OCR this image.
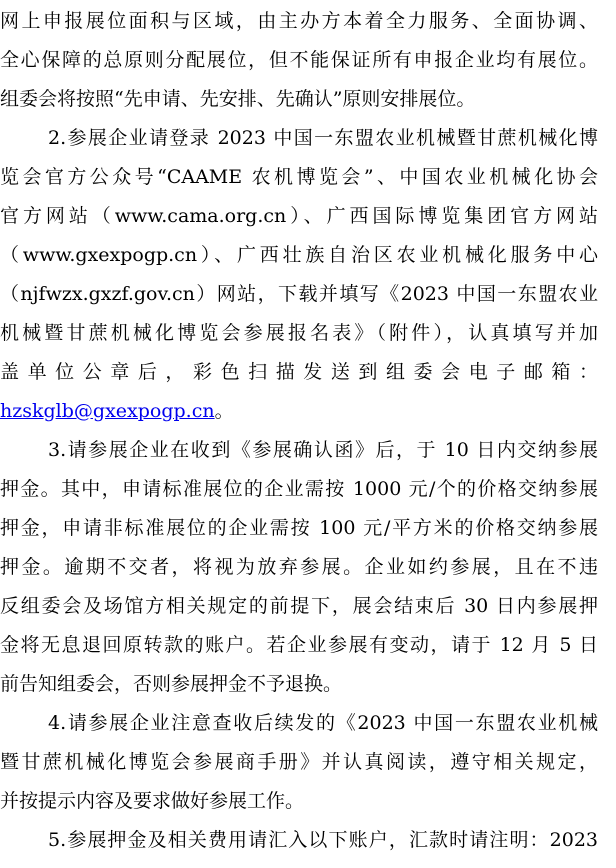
网上申报展位面积与区域，由主办方本着全力服务、全面协调、
全心保障的总原则分配展位，但不能保证所有申报企业均有展位。
组委会将按照“先申请、先安排、先确认”原则安排展位。
2.参展企业请登录 2023 中国一东盟农业机械暨甘蔗机械化博
览会官方公众号“CAAME 农机博览会”、中国农业机械化协会
官方网站（www.cama.org.cn）、广西国际博览集团官方网站
（www.gxexpogp.cn）、广西壮族自治区农业机械化服务中心
（njfwzx.gxzf.gov.cn）网站，下载并填写《2023 中国一东盟农业
机械暨甘蔗机械化博览会参展报名表》（附件），认真填写并加
盖单位公章后，彩色扫描发送到组委会电子邮箱：
hzskglb@gxexpogp.cn。
3.请参展企业在收到《参展确认函》后，于 10 日内交纳参展
押金。其中，申请标准展位的企业需按 1000 元/个的价格交纳参展
押金，申请非标准展位的企业需按 100 元/平方米的价格交纳参展
押金。逾期不交者，将视为放弃参展。企业如约参展，且在不违
反组委会及场馆方相关规定的前提下，展会结束后 30 日内参展押
金将无息退回原转款的账户。若企业参展有变动，请于 12 月 5 日
前告知组委会，否则参展押金不予退换。
4.请参展企业注意查收后续发的《2023 中国一东盟农业机械
暨甘蔗机械化博览会参展商手册》并认真阅读，遵守相关规定，
并按提示内容及要求做好参展工作。
5.参展押金及相关费用请汇入以下账户，汇款时请注明：2023
